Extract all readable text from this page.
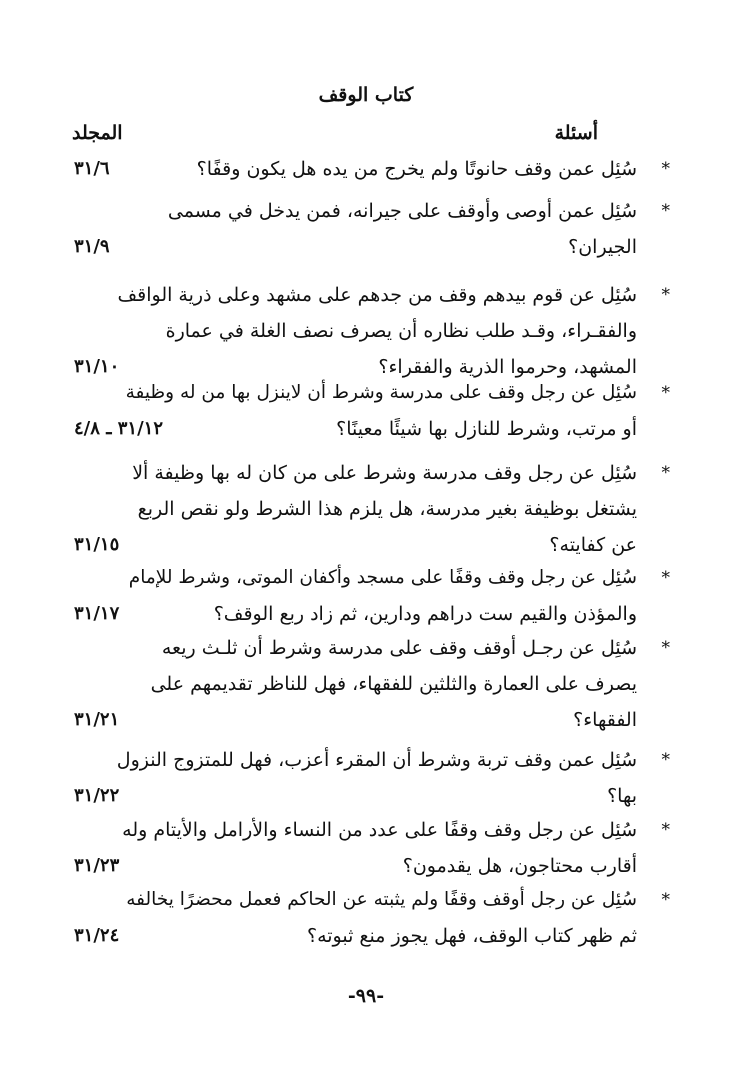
كتاب الوقف
أسئلة
المجلد
*
سُئِل عمن وقف حانوتًا ولم يخرج من يده هل يكون وقفًا؟
٣١/٦
*
سُئِل عمن أوصى وأوقف على جيرانه، فمن يدخل في مسمى
الجيران؟
٣١/٩
*
سُئِل عن قوم بيدهم وقف من جدهم على مشهد وعلى ذرية الواقف
والفقـراء، وقـد طلب نظاره أن يصرف نصف الغلة في عمارة
المشهد، وحرموا الذرية والفقراء؟
٣١/١٠
*
سُئِل عن رجل وقف على مدرسة وشرط أن لاينزل بها من له وظيفة
أو مرتب، وشرط للنازل بها شيئًا معينًا؟
٣١/١٢ ـ ٤/٨
*
سُئِل عن رجل وقف مدرسة وشرط على من كان له بها وظيفة ألا
يشتغل بوظيفة بغير مدرسة، هل يلزم هذا الشرط ولو نقص الربع
عن كفايته؟
٣١/١٥
*
سُئِل عن رجل وقف وقفًا على مسجد وأكفان الموتى، وشرط للإمام
والمؤذن والقيم ست دراهم ودارين، ثم زاد ربع الوقف؟
٣١/١٧
*
سُئِل عن رجـل أوقف وقف على مدرسة وشرط أن ثلـث ريعه
يصرف على العمارة والثلثين للفقهاء، فهل للناظر تقديمهم على
الفقهاء؟
٣١/٢١
*
سُئِل عمن وقف تربة وشرط أن المقرء أعزب، فهل للمتزوج النزول
بها؟
٣١/٢٢
*
سُئِل عن رجل وقف وقفًا على عدد من النساء والأرامل والأيتام وله
أقارب محتاجون، هل يقدمون؟
٣١/٢٣
*
سُئِل عن رجل أوقف وقفًا ولم يثبته عن الحاكم فعمل محضرًا يخالفه
ثم ظهر كتاب الوقف، فهل يجوز منع ثبوته؟
٣١/٢٤
-٩٩-
